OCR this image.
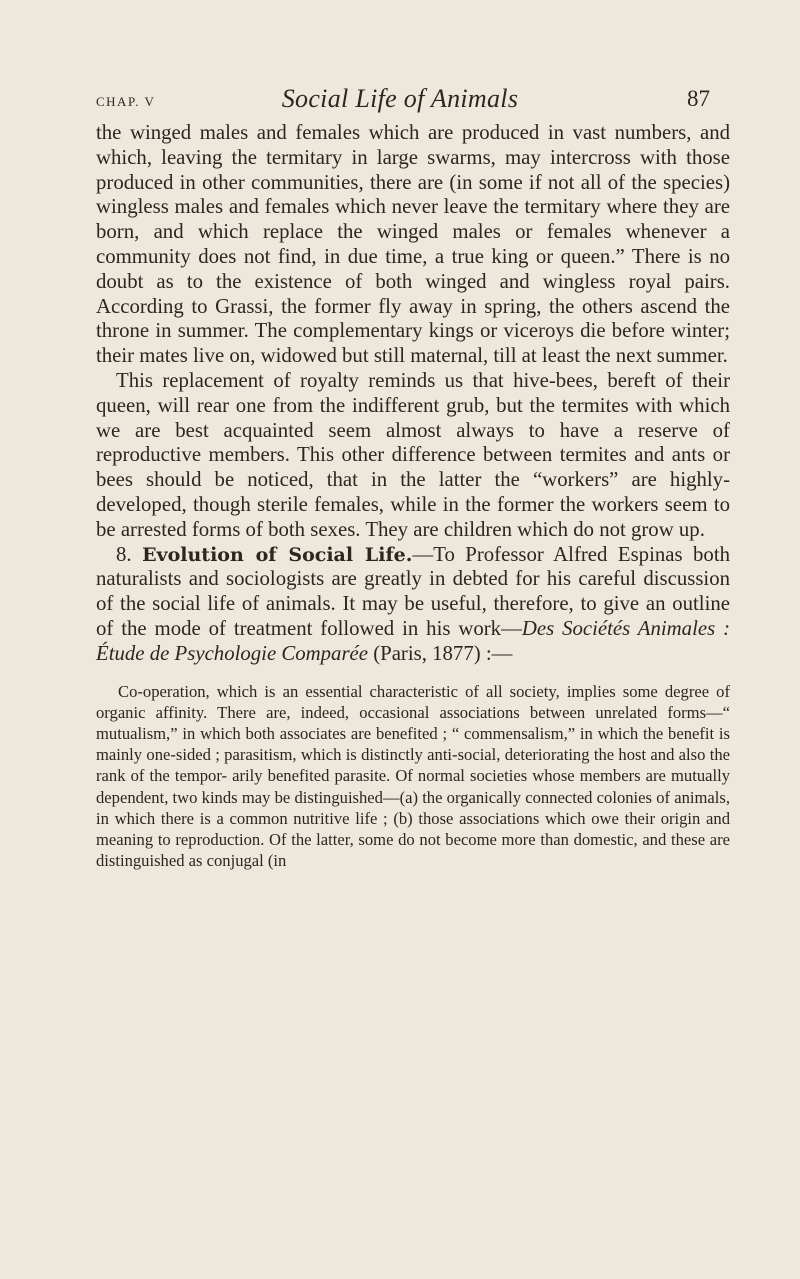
CHAP. V	Social Life of Animals	87

the winged males and females which are produced in vast numbers, and which, leaving the termitary in large swarms, may intercross with those produced in other communities, there are (in some if not all of the species) wingless males and females which never leave the termitary where they are born, and which replace the winged males or females whenever a community does not find, in due time, a true king or queen.” There is no doubt as to the existence of both winged and wingless royal pairs. According to Grassi, the former fly away in spring, the others ascend the throne in summer. The complementary kings or viceroys die before winter; their mates live on, widowed but still maternal, till at least the next summer.

This replacement of royalty reminds us that hive-bees, bereft of their queen, will rear one from the indifferent grub, but the termites with which we are best acquainted seem almost always to have a reserve of reproductive members. This other difference between termites and ants or bees should be noticed, that in the latter the “workers” are highly-developed, though sterile females, while in the former the workers seem to be arrested forms of both sexes. They are children which do not grow up.

8. Evolution of Social Life.—To Professor Alfred Espinas both naturalists and sociologists are greatly in debted for his careful discussion of the social life of animals. It may be useful, therefore, to give an outline of the mode of treatment followed in his work—Des Sociétés Animales : Étude de Psychologie Comparée (Paris, 1877) :—

Co-operation, which is an essential characteristic of all society, implies some degree of organic affinity. There are, indeed, occasional associations between unrelated forms—“ mutualism,” in which both associates are benefited ; “ commensalism,” in which the benefit is mainly one-sided ; parasitism, which is distinctly anti-social, deteriorating the host and also the rank of the tempor- arily benefited parasite. Of normal societies whose members are mutually dependent, two kinds may be distinguished—(a) the organically connected colonies of animals, in which there is a common nutritive life ; (b) those associations which owe their origin and meaning to reproduction. Of the latter, some do not become more than domestic, and these are distinguished as conjugal (in
